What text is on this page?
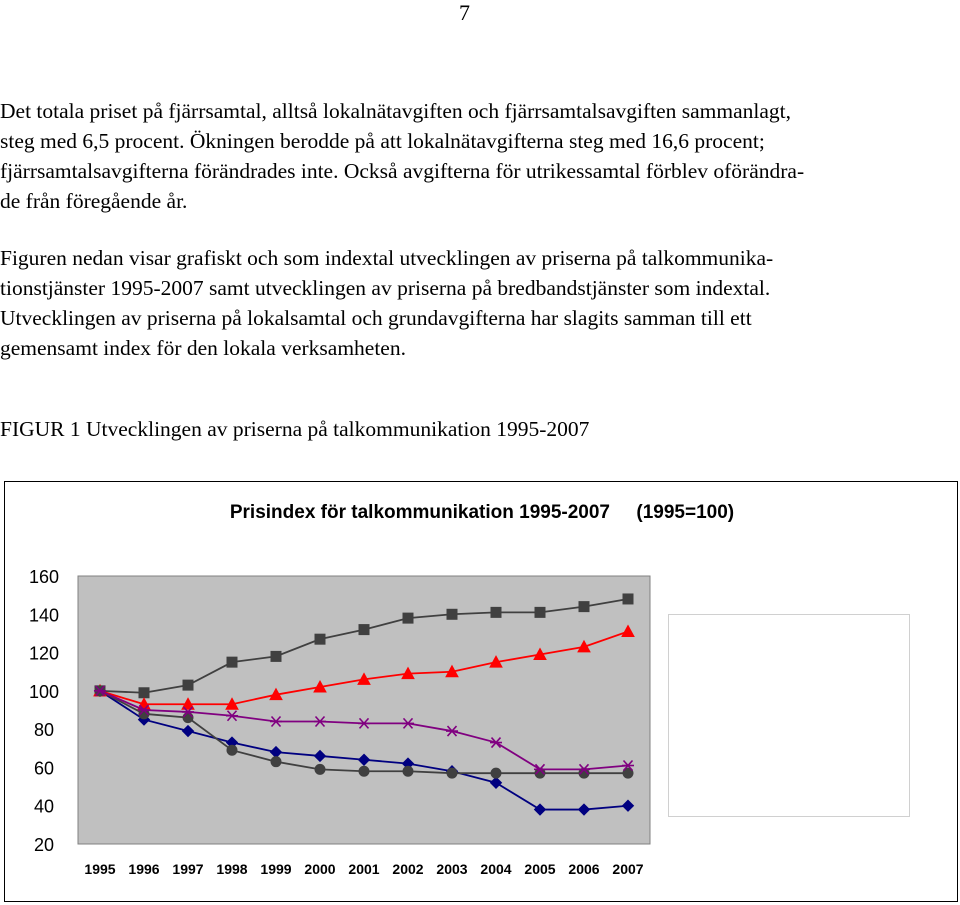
7
Det totala priset på fjärrsamtal, alltså lokalnätavgiften och fjärrsamtalsavgiften sammanlagt,
steg med 6,5 procent. Ökningen berodde på att lokalnätavgifterna steg med 16,6 procent;
fjärrsamtalsavgifterna förändrades inte. Också avgifterna för utrikessamtal förblev oförändra-
de från föregående år.
Figuren nedan visar grafiskt och som indextal utvecklingen av priserna på talkommunika-
tionstjänster 1995-2007 samt utvecklingen av priserna på bredbandstjänster som indextal.
Utvecklingen av priserna på lokalsamtal och grundavgifterna har slagits samman till ett
gemensamt index för den lokala verksamheten.
FIGUR 1 Utvecklingen av priserna på talkommunikation 1995-2007
Prisindex för talkommunikation 1995-2007     (1995=100)
20
40
60
80
100
120
140
160
1995 1996 1997 1998 1999 2000 2001 2002 2003 2004 2005 2006 2007
